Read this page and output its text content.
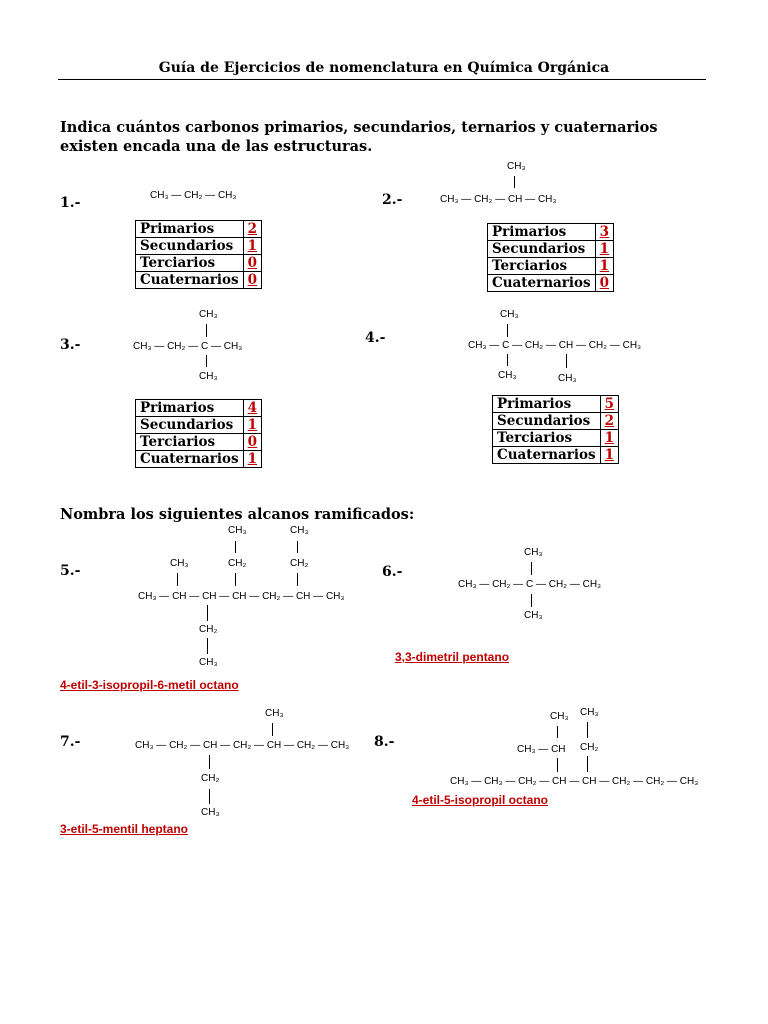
Guía de Ejercicios de nomenclatura en Química Orgánica
Indica cuántos carbonos primarios, secundarios, ternarios y cuaternarios existen encada una de las estructuras.
1.-	CH₃ — CH₂ — CH₃
Primarios	2
Secundarios	1
Terciarios	0
Cuaternarios	0
2.-
CH₃
CH₃ — CH₂ — CH — CH₃
Primarios	3
Secundarios	1
Terciarios	1
Cuaternarios	0
3.-
CH₃
CH₃ — CH₂ — C — CH₃
CH₃
Primarios	4
Secundarios	1
Terciarios	0
Cuaternarios	1
4.-
CH₃
CH₃ — C — CH₂ — CH — CH₂ — CH₃
CH₃	CH₃
Primarios	5
Secundarios	2
Terciarios	1
Cuaternarios	1
Nombra los siguientes alcanos ramificados:
5.-
CH₃	CH₃
CH₃	CH₂	CH₂
CH₃ — CH — CH — CH — CH₂ — CH — CH₃
CH₂
CH₃
4-etil-3-isopropil-6-metil octano
6.-
CH₃
CH₃ — CH₂ — C — CH₂ — CH₃
CH₃
3,3-dimetril pentano
7.-
CH₃
CH₃ — CH₂ — CH — CH₂ — CH — CH₂ — CH₃
CH₂
CH₃
3-etil-5-mentil heptano
8.-
CH₃ CH₃
CH₃ — CH CH₂
CH₃ — CH₃ — CH₂ — CH — CH — CH₂ — CH₂ — CH₃
4-etil-5-isopropil octano
